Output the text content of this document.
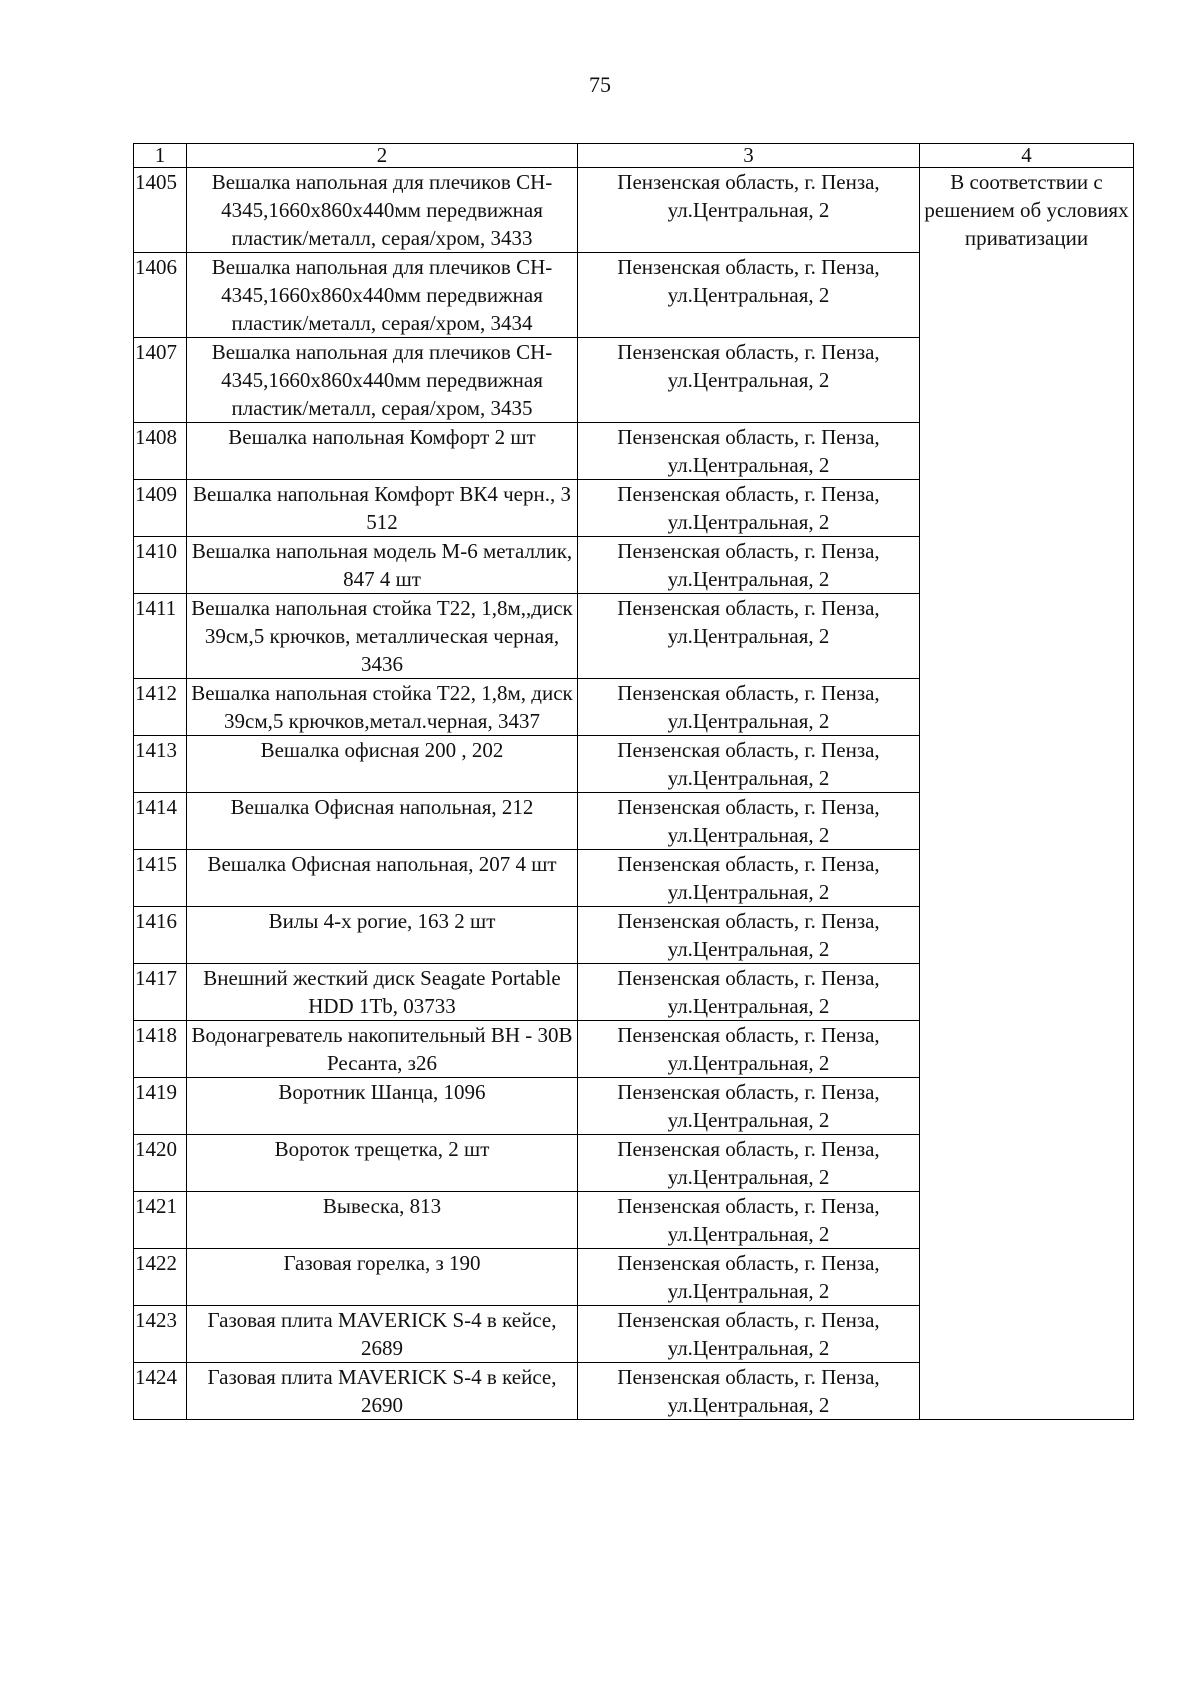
75
1	2	3	4
1405	Вешалка напольная для плечиков CH-4345,1660x860x440мм передвижная пластик/металл, серая/хром, 3433	Пензенская область, г. Пенза, ул.Центральная, 2	В соответствии с решением об условиях приватизации
1406	Вешалка напольная для плечиков CH-4345,1660x860x440мм передвижная пластик/металл, серая/хром, 3434	Пензенская область, г. Пенза, ул.Центральная, 2	
1407	Вешалка напольная для плечиков CH-4345,1660x860x440мм передвижная пластик/металл, серая/хром, 3435	Пензенская область, г. Пенза, ул.Центральная, 2	
1408	Вешалка напольная Комфорт 2 шт	Пензенская область, г. Пенза, ул.Центральная, 2	
1409	Вешалка напольная Комфорт ВК4 черн., З 512	Пензенская область, г. Пенза, ул.Центральная, 2	
1410	Вешалка напольная модель М-6 металлик, 847 4 шт	Пензенская область, г. Пенза, ул.Центральная, 2	
1411	Вешалка напольная стойка Т22, 1,8м,,диск 39см,5 крючков, металлическая черная, 3436	Пензенская область, г. Пенза, ул.Центральная, 2	
1412	Вешалка напольная стойка Т22, 1,8м, диск 39см,5 крючков,метал.черная, 3437	Пензенская область, г. Пенза, ул.Центральная, 2	
1413	Вешалка офисная 200 , 202	Пензенская область, г. Пенза, ул.Центральная, 2	
1414	Вешалка Офисная напольная, 212	Пензенская область, г. Пенза, ул.Центральная, 2	
1415	Вешалка Офисная напольная, 207 4 шт	Пензенская область, г. Пенза, ул.Центральная, 2	
1416	Вилы 4-х рогие, 163 2 шт	Пензенская область, г. Пенза, ул.Центральная, 2	
1417	Внешний жесткий диск Seagate Portable HDD 1Tb, 03733	Пензенская область, г. Пенза, ул.Центральная, 2	
1418	Водонагреватель накопительный ВН - 30В Ресанта, з26	Пензенская область, г. Пенза, ул.Центральная, 2	
1419	Воротник Шанца, 1096	Пензенская область, г. Пенза, ул.Центральная, 2	
1420	Вороток трещетка, 2 шт	Пензенская область, г. Пенза, ул.Центральная, 2	
1421	Вывеска, 813	Пензенская область, г. Пенза, ул.Центральная, 2	
1422	Газовая горелка, з 190	Пензенская область, г. Пенза, ул.Центральная, 2	
1423	Газовая плита MAVERICK S-4 в кейсе, 2689	Пензенская область, г. Пенза, ул.Центральная, 2	
1424	Газовая плита MAVERICK S-4 в кейсе, 2690	Пензенская область, г. Пенза, ул.Центральная, 2	
